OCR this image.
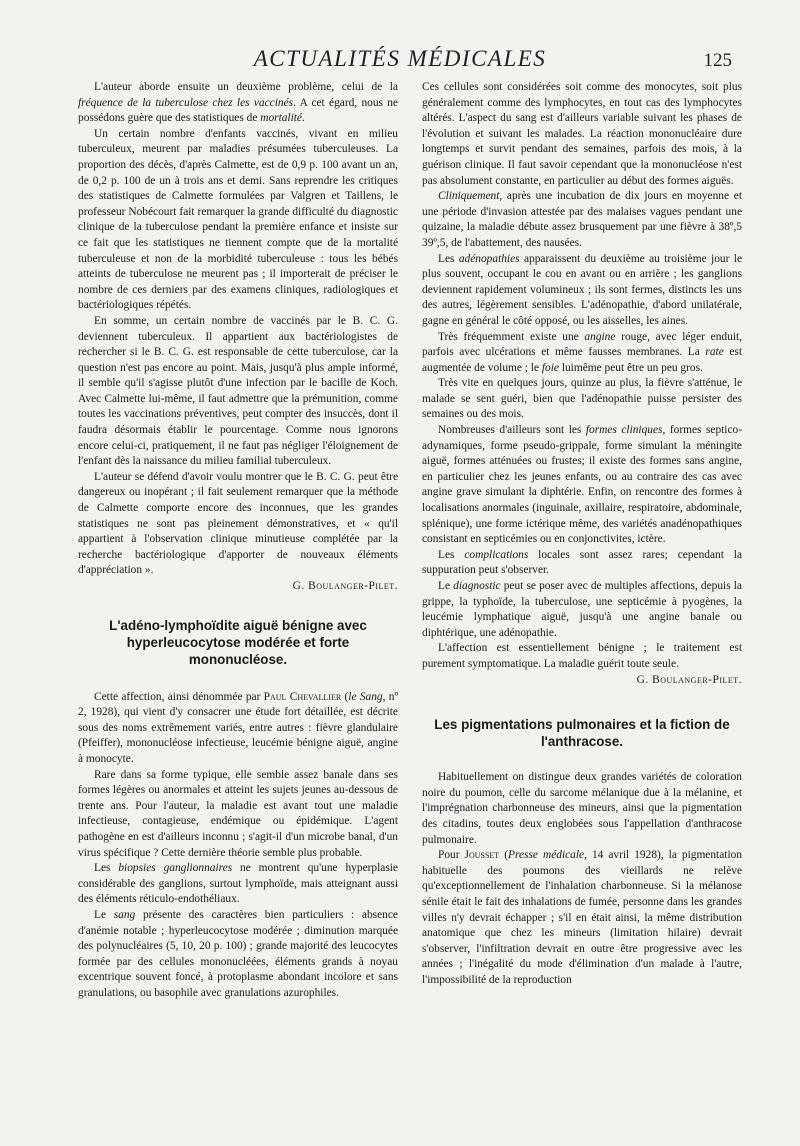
ACTUALITÉS MÉDICALES	125

L'auteur aborde ensuite un deuxième problème, celui de la fréquence de la tuberculose chez les vaccinés. A cet égard, nous ne possédons guère que des statistiques de mortalité.

Un certain nombre d'enfants vaccinés, vivant en milieu tuberculeux, meurent par maladies présumées tuberculeuses. La proportion des décès, d'après Calmette, est de 0,9 p. 100 avant un an, de 0,2 p. 100 de un à trois ans et demi. Sans reprendre les critiques des statistiques de Calmette formulées par Valgren et Taillens, le professeur Nobécourt fait remarquer la grande difficulté du diagnostic clinique de la tuberculose pendant la première enfance et insiste sur ce fait que les statistiques ne tiennent compte que de la mortalité tuberculeuse et non de la morbidité tuberculeuse : tous les bébés atteints de tuberculose ne meurent pas ; il importerait de préciser le nombre de ces derniers par des examens cliniques, radiologiques et bactériologiques répétés.

En somme, un certain nombre de vaccinés par le B. C. G. deviennent tuberculeux. Il appartient aux bactériologistes de rechercher si le B. C. G. est responsable de cette tuberculose, car la question n'est pas encore au point. Mais, jusqu'à plus ample informé, il semble qu'il s'agisse plutôt d'une infection par le bacille de Koch. Avec Calmette lui-même, il faut admettre que la prémunition, comme toutes les vaccinations préventives, peut compter des insuccès, dont il faudra désormais établir le pourcentage. Comme nous ignorons encore celui-ci, pratiquement, il ne faut pas négliger l'éloignement de l'enfant dès la naissance du milieu familial tuberculeux.

L'auteur se défend d'avoir voulu montrer que le B. C. G. peut être dangereux ou inopérant ; il fait seulement remarquer que la méthode de Calmette comporte encore des inconnues, que les grandes statistiques ne sont pas pleinement démonstratives, et « qu'il appartient à l'observation clinique minutieuse complétée par la recherche bactériologique d'apporter de nouveaux éléments d'appréciation ».

G. Boulanger-Pilet.

L'adéno-lymphoïdite aiguë bénigne avec hyperleucocytose modérée et forte mononucléose.

Cette affection, ainsi dénommée par Paul Chevallier (le Sang, nº 2, 1928), qui vient d'y consacrer une étude fort détaillée, est décrite sous des noms extrêmement variés, entre autres : fièvre glandulaire (Pfeiffer), mononucléose infectieuse, leucémie bénigne aiguë, angine à monocyte.

Rare dans sa forme typique, elle semble assez banale dans ses formes légères ou anormales et atteint les sujets jeunes au-dessous de trente ans. Pour l'auteur, la maladie est avant tout une maladie infectieuse, contagieuse, endémique ou épidémique. L'agent pathogène en est d'ailleurs inconnu ; s'agit-il d'un microbe banal, d'un virus spécifique ? Cette dernière théorie semble plus probable.

Les biopsies ganglionnaires ne montrent qu'une hyperplasie considérable des ganglions, surtout lymphoïde, mais atteignant aussi des éléments réticulo-endothéliaux.

Le sang présente des caractères bien particuliers : absence d'anémie notable ; hyperleucocytose modérée ; diminution marquée des polynucléaires (5, 10, 20 p. 100) ; grande majorité des leucocytes formée par des cellules mononucléées, éléments grands à noyau excentrique souvent foncé, à protoplasme abondant incolore et sans granulations, ou basophile avec granulations azurophiles.

Ces cellules sont considérées soit comme des monocytes, soit plus généralement comme des lymphocytes, en tout cas des lymphocytes altérés. L'aspect du sang est d'ailleurs variable suivant les phases de l'évolution et suivant les malades. La réaction mononucléaire dure longtemps et survit pendant des semaines, parfois des mois, à la guérison clinique. Il faut savoir cependant que la mononucléose n'est pas absolument constante, en particulier au début des formes aiguës.

Cliniquement, après une incubation de dix jours en moyenne et une période d'invasion attestée par des malaises vagues pendant une quizaine, la maladie débute assez brusquement par une fièvre à 38º,5 39º,5, de l'abattement, des nausées.

Les adénopathies apparaissent du deuxième au troisième jour le plus souvent, occupant le cou en avant ou en arrière ; les ganglions deviennent rapidement volumineux ; ils sont fermes, distincts les uns des autres, légèrement sensibles. L'adénopathie, d'abord unilatérale, gagne en général le côté opposé, ou les aisselles, les aines.

Très fréquemment existe une angine rouge, avec léger enduit, parfois avec ulcérations et même fausses membranes. La rate est augmentée de volume ; le foie luimême peut être un peu gros.

Très vite en quelques jours, quinze au plus, la fièvre s'atténue, le malade se sent guéri, bien que l'adénopathie puisse persister des semaines ou des mois.

Nombreuses d'ailleurs sont les formes cliniques, formes septico-adynamiques, forme pseudo-grippale, forme simulant la méningite aiguë, formes atténuées ou frustes; il existe des formes sans angine, en particulier chez les jeunes enfants, ou au contraire des cas avec angine grave simulant la diphtérie. Enfin, on rencontre des formes à localisations anormales (inguinale, axillaire, respiratoire, abdominale, splénique), une forme ictérique même, des variétés anadénopathiques consistant en septicémies ou en conjonctivites, ictère.

Les complications locales sont assez rares; cependant la suppuration peut s'observer.

Le diagnostic peut se poser avec de multiples affections, depuis la grippe, la typhoïde, la tuberculose, une septicémie à pyogènes, la leucémie lymphatique aiguë, jusqu'à une angine banale ou diphtérique, une adénopathie.

L'affection est essentiellement bénigne ; le traitement est purement symptomatique. La maladie guérit toute seule.

G. Boulanger-Pilet.

Les pigmentations pulmonaires et la fiction de l'anthracose.

Habituellement on distingue deux grandes variétés de coloration noire du poumon, celle du sarcome mélanique due à la mélanine, et l'imprégnation charbonneuse des mineurs, ainsi que la pigmentation des citadins, toutes deux englobées sous l'appellation d'anthracose pulmonaire.

Pour Jousset (Presse médicale, 14 avril 1928), la pigmentation habituelle des poumons des vieillards ne relève qu'exceptionnellement de l'inhalation charbonneuse. Si la mélanose sénile était le fait des inhalations de fumée, personne dans les grandes villes n'y devrait échapper ; s'il en était ainsi, la même distribution anatomique que chez les mineurs (limitation hilaire) devrait s'observer, l'infiltration devrait en outre être progressive avec les années ; l'inégalité du mode d'élimination d'un malade à l'autre, l'impossibilité de la reproduction
